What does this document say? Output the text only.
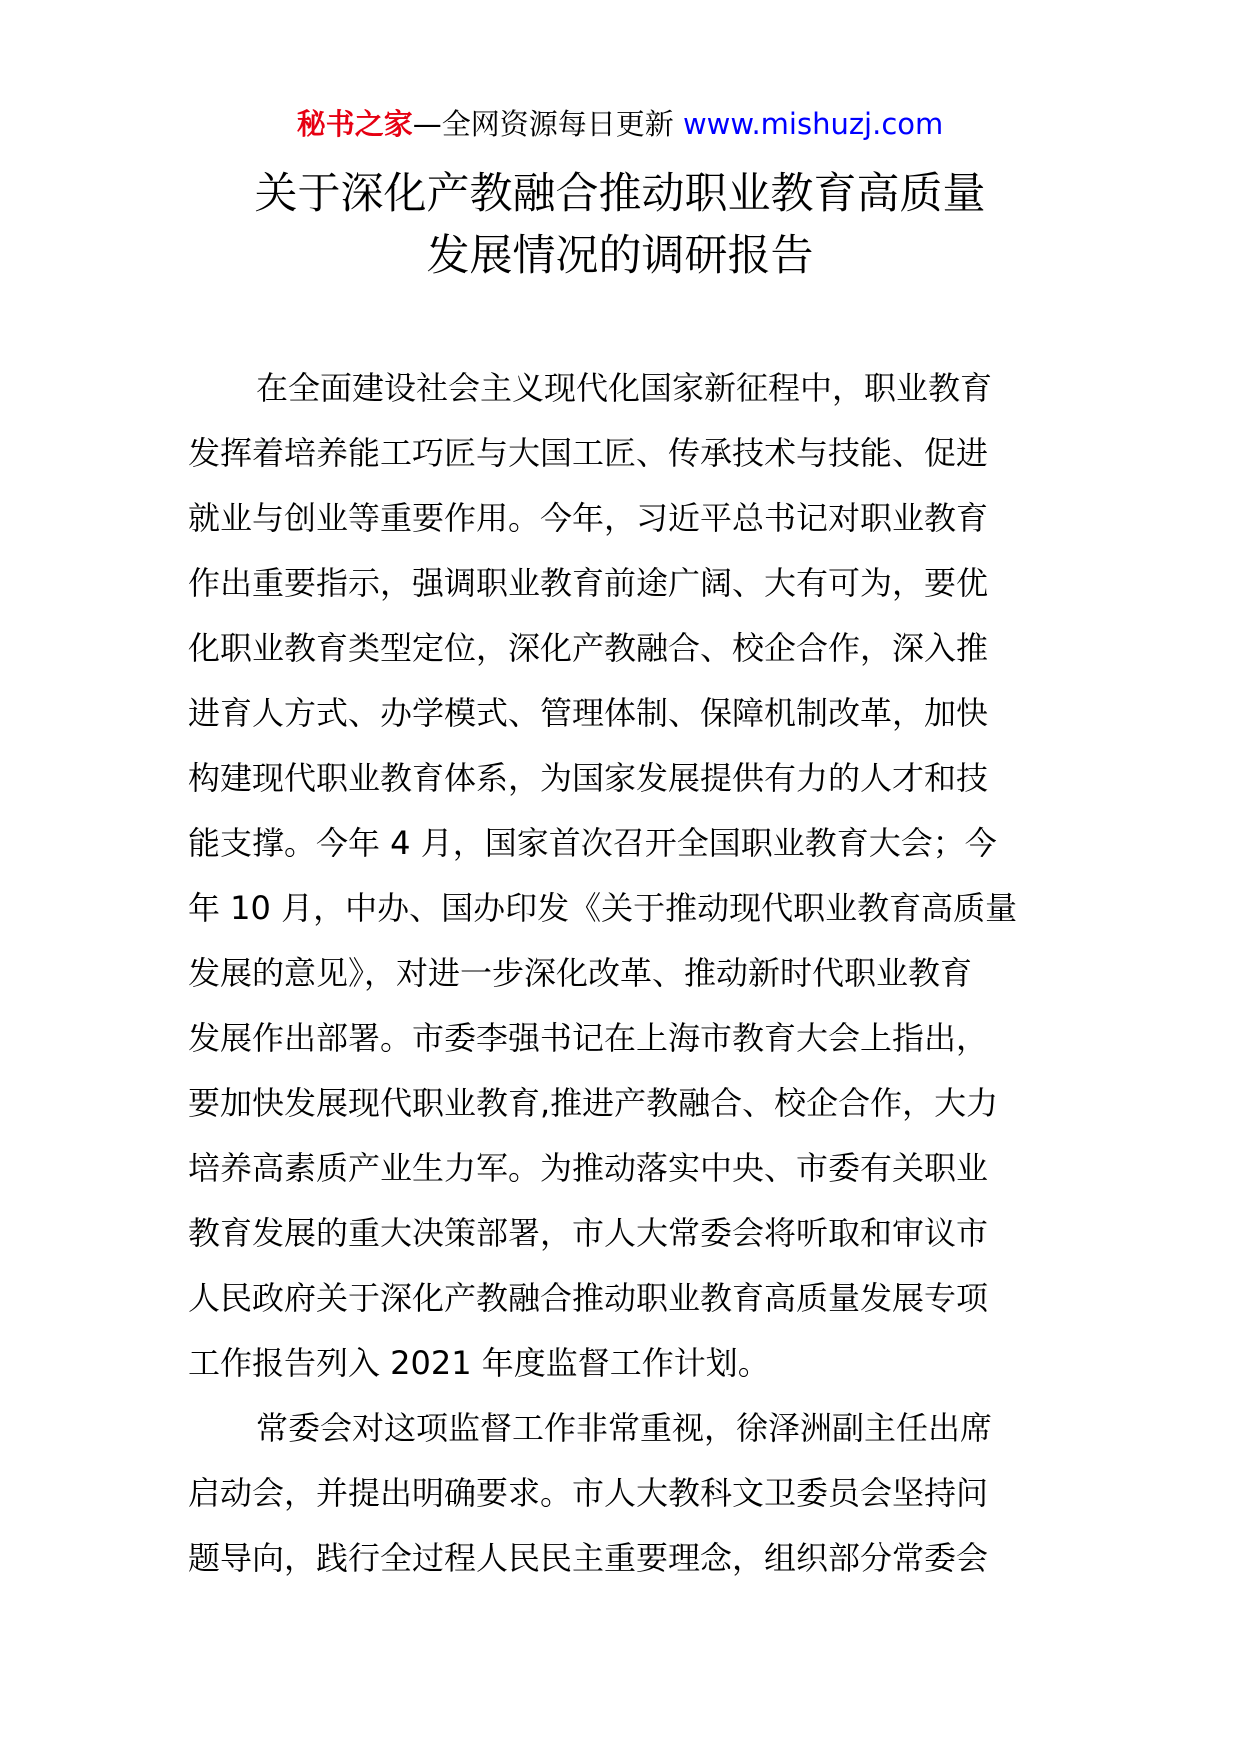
秘书之家—全网资源每日更新 www.mishuzj.com
关于深化产教融合推动职业教育高质量
发展情况的调研报告
在全面建设社会主义现代化国家新征程中，职业教育
发挥着培养能工巧匠与大国工匠、传承技术与技能、促进
就业与创业等重要作用。今年，习近平总书记对职业教育
作出重要指示，强调职业教育前途广阔、大有可为，要优
化职业教育类型定位，深化产教融合、校企合作，深入推
进育人方式、办学模式、管理体制、保障机制改革，加快
构建现代职业教育体系，为国家发展提供有力的人才和技
能支撑。今年 4 月，国家首次召开全国职业教育大会；今
年 10 月，中办、国办印发《关于推动现代职业教育高质量
发展的意见》，对进一步深化改革、推动新时代职业教育
发展作出部署。市委李强书记在上海市教育大会上指出，
要加快发展现代职业教育,推进产教融合、校企合作，大力
培养高素质产业生力军。为推动落实中央、市委有关职业
教育发展的重大决策部署，市人大常委会将听取和审议市
人民政府关于深化产教融合推动职业教育高质量发展专项
工作报告列入 2021 年度监督工作计划。
常委会对这项监督工作非常重视，徐泽洲副主任出席
启动会，并提出明确要求。市人大教科文卫委员会坚持问
题导向，践行全过程人民民主重要理念，组织部分常委会
